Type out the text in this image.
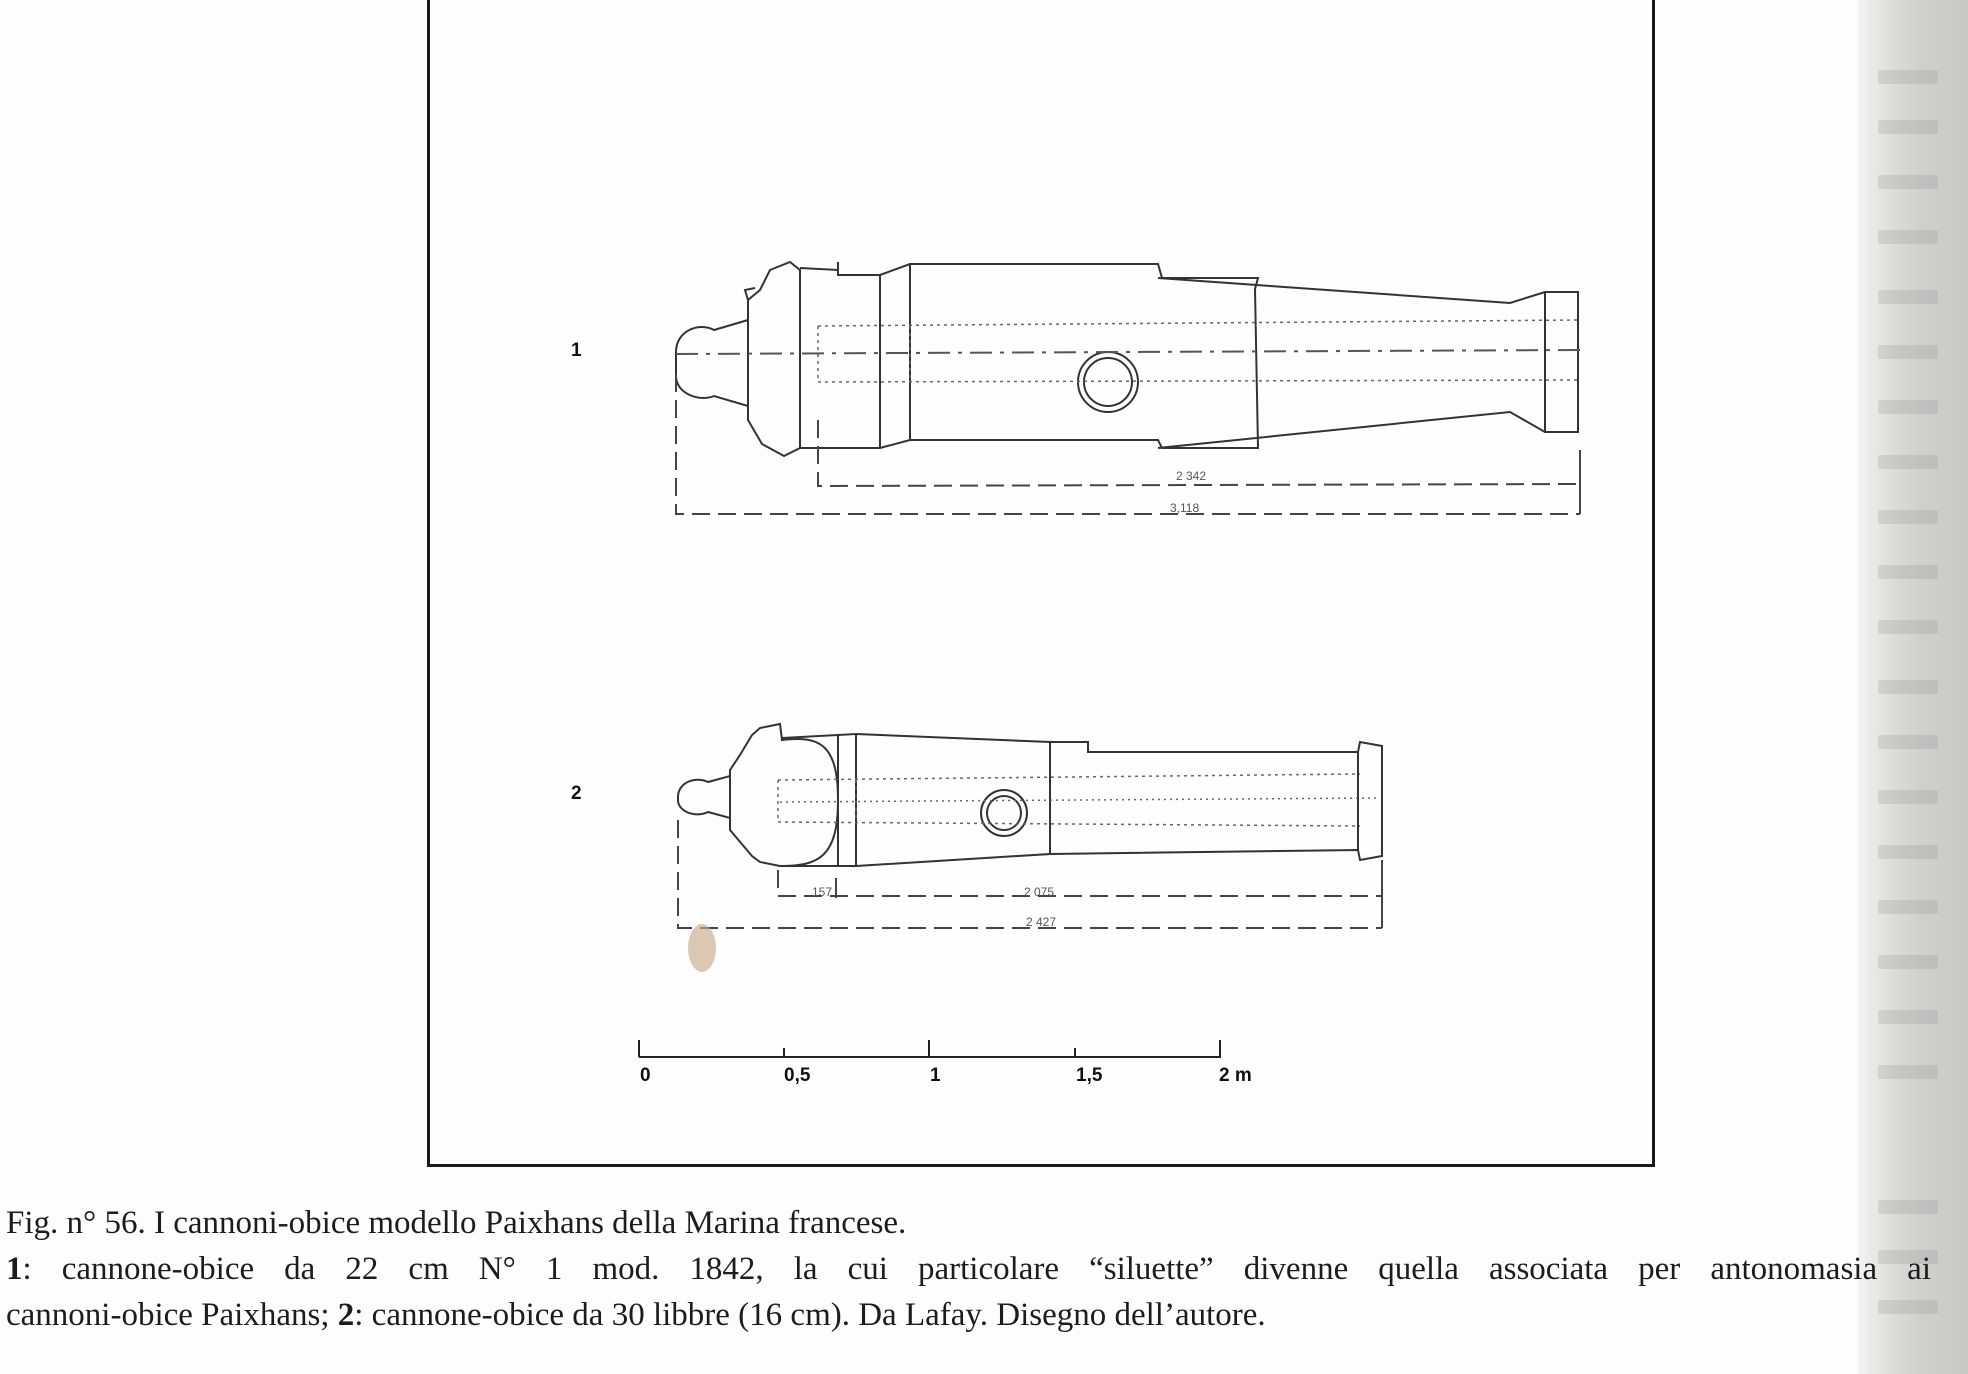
2 342
3,118
1
157	2 075
2 427
2
0	0,5	1	1,5	2 m

Fig. n° 56. I cannoni-obice modello Paixhans della Marina francese.

1: cannone-obice da 22 cm N° 1 mod. 1842, la cui particolare “siluette” divenne quella associata per antonomasia ai

cannoni-obice Paixhans; 2: cannone-obice da 30 libbre (16 cm). Da Lafay. Disegno dell’autore.
